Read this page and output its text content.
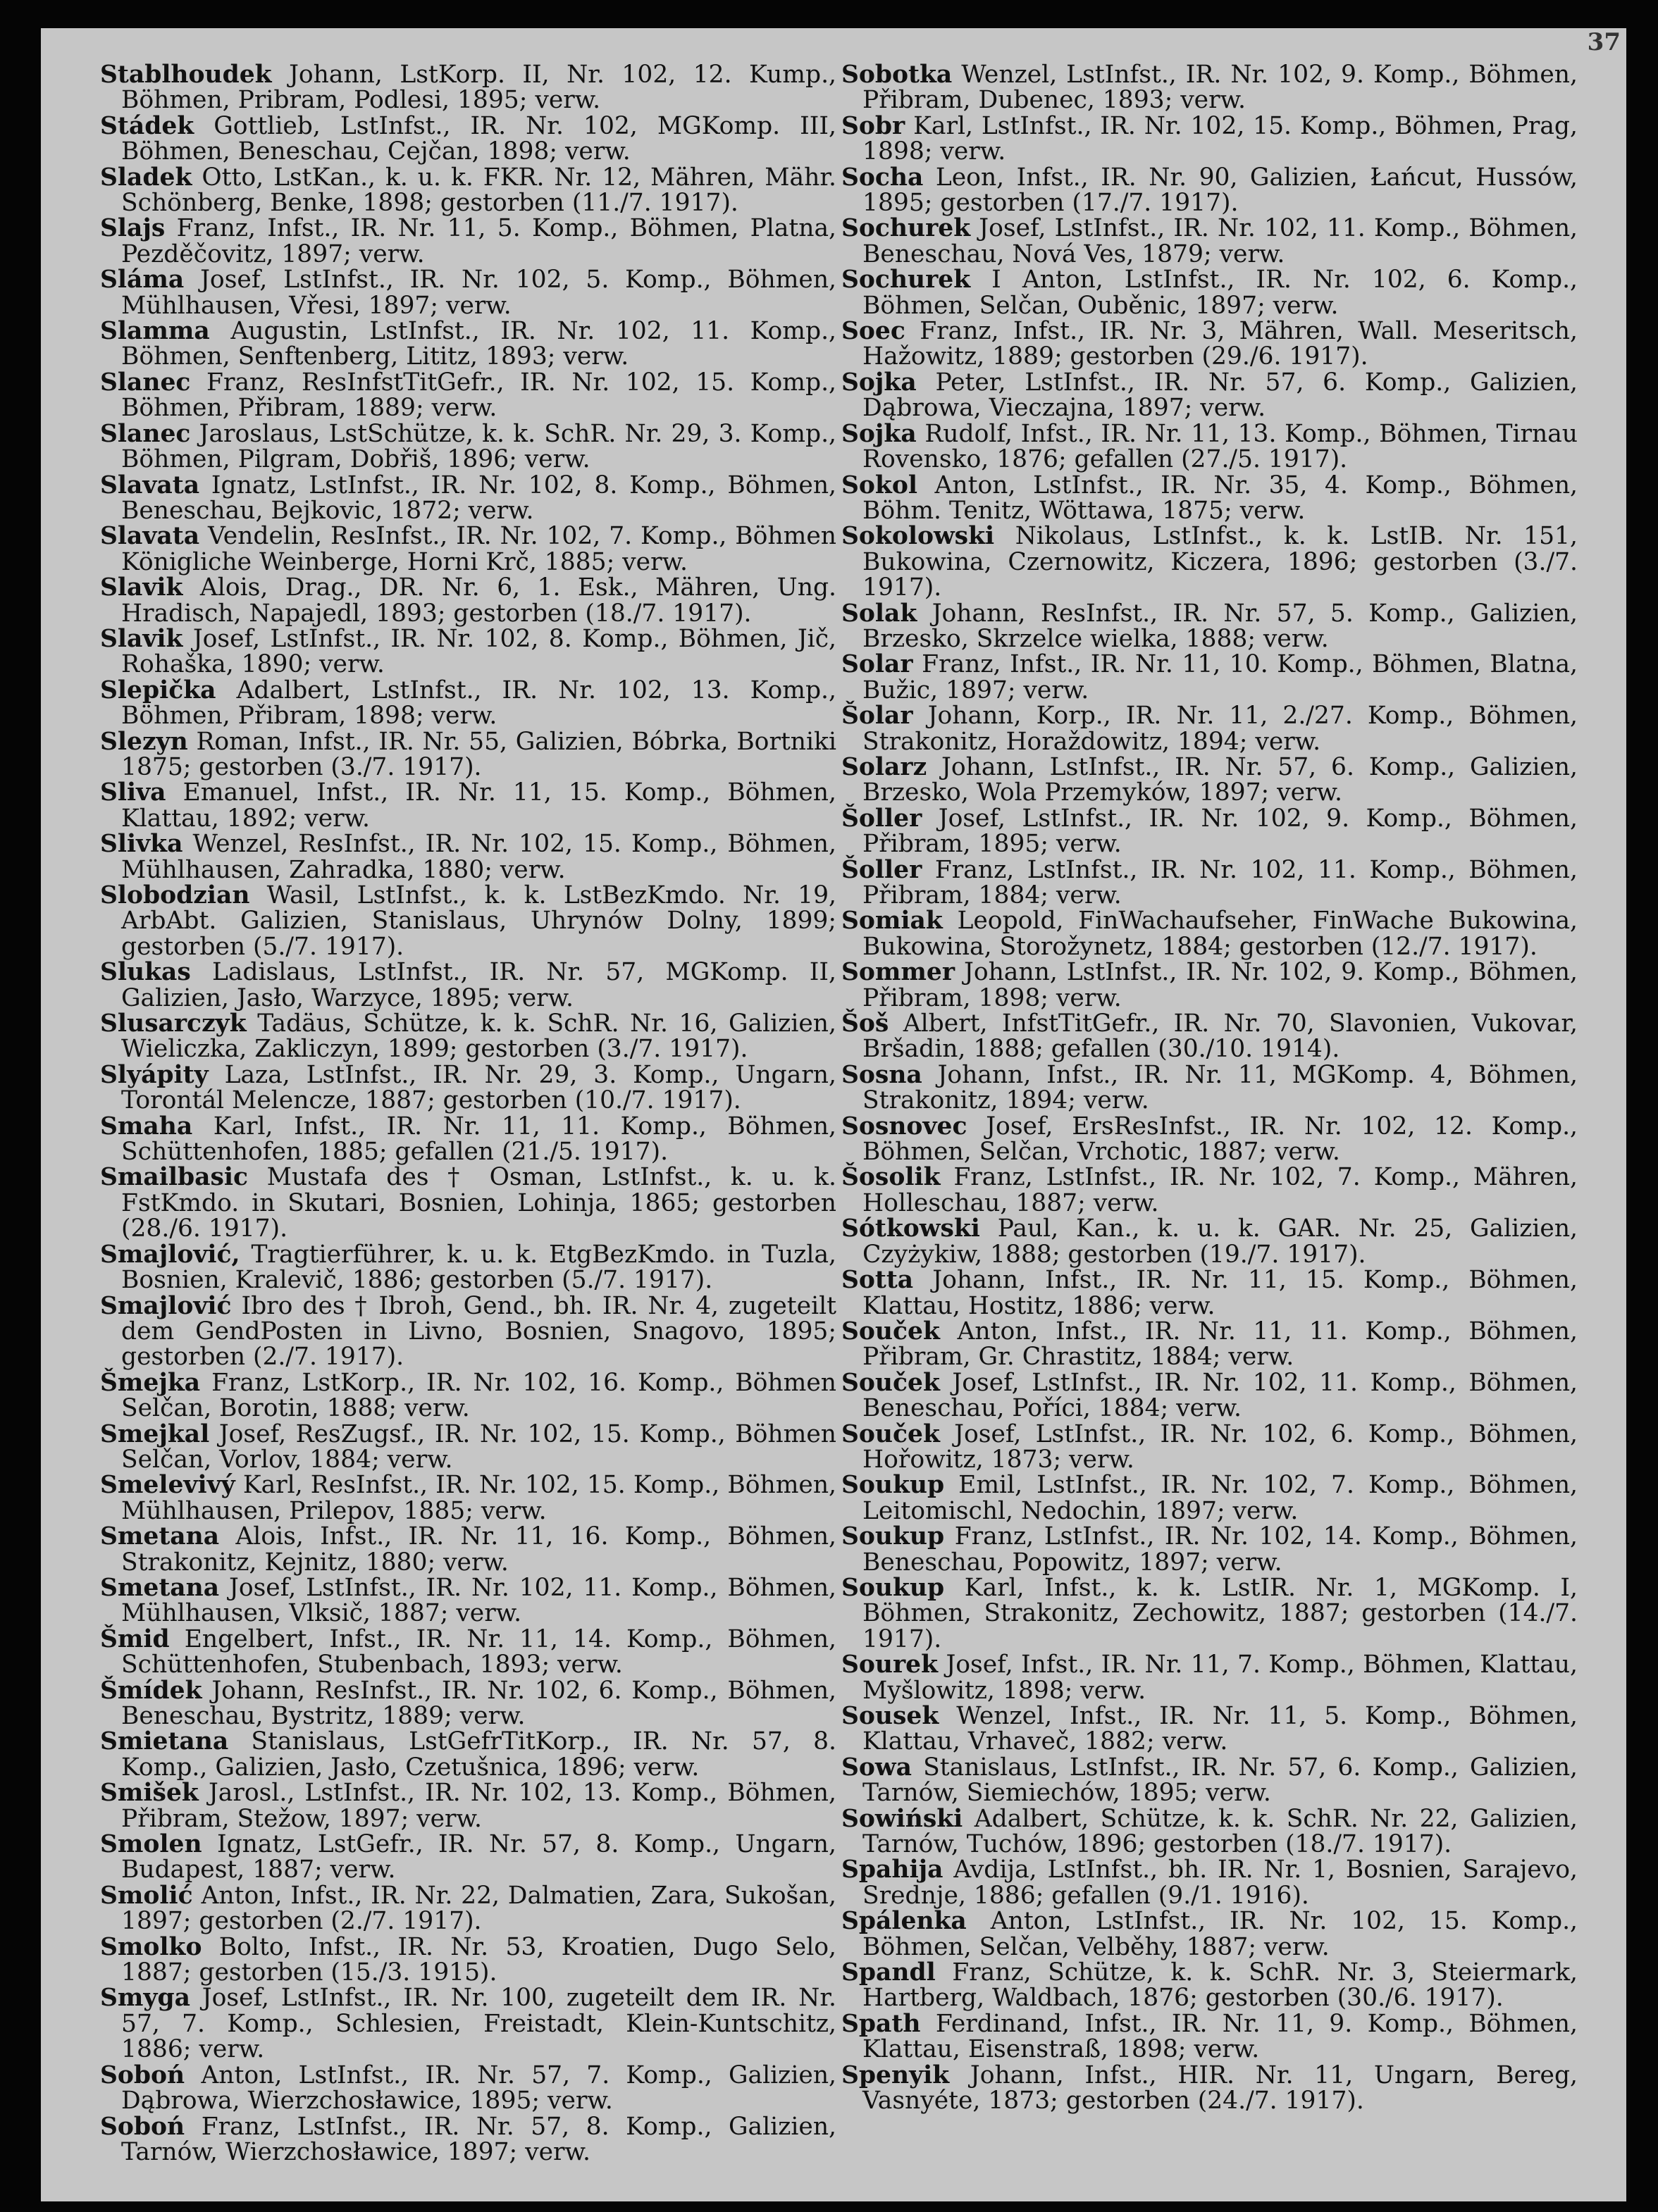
37

Stablhoudek Johann, LstKorp. II, Nr. 102, 12. Kump., Böhmen, Pribram, Podlesi, 1895; verw.

Stádek Gottlieb, LstInfst., IR. Nr. 102, MGKomp. III, Böhmen, Beneschau, Cejčan, 1898; verw.

Sladek Otto, LstKan., k. u. k. FKR. Nr. 12, Mähren, Mähr. Schönberg, Benke, 1898; gestorben (11./7. 1917).

Slajs Franz, Infst., IR. Nr. 11, 5. Komp., Böhmen, Platna, Pezděčovitz, 1897; verw.

Sláma Josef, LstInfst., IR. Nr. 102, 5. Komp., Böhmen, Mühlhausen, Vřesi, 1897; verw.

Slamma Augustin, LstInfst., IR. Nr. 102, 11. Komp., Böhmen, Senftenberg, Lititz, 1893; verw.

Slanec Franz, ResInfstTitGefr., IR. Nr. 102, 15. Komp., Böhmen, Přibram, 1889; verw.

Slanec Jaroslaus, LstSchütze, k. k. SchR. Nr. 29, 3. Komp., Böhmen, Pilgram, Dobřiš, 1896; verw.

Slavata Ignatz, LstInfst., IR. Nr. 102, 8. Komp., Böhmen, Beneschau, Bejkovic, 1872; verw.

Slavata Vendelin, ResInfst., IR. Nr. 102, 7. Komp., Böhmen Königliche Weinberge, Horni Krč, 1885; verw.

Slavik Alois, Drag., DR. Nr. 6, 1. Esk., Mähren, Ung. Hradisch, Napajedl, 1893; gestorben (18./7. 1917).

Slavik Josef, LstInfst., IR. Nr. 102, 8. Komp., Böhmen, Jič, Rohaška, 1890; verw.

Slepička Adalbert, LstInfst., IR. Nr. 102, 13. Komp., Böhmen, Přibram, 1898; verw.

Slezyn Roman, Infst., IR. Nr. 55, Galizien, Bóbrka, Bortniki 1875; gestorben (3./7. 1917).

Sliva Emanuel, Infst., IR. Nr. 11, 15. Komp., Böhmen, Klattau, 1892; verw.

Slivka Wenzel, ResInfst., IR. Nr. 102, 15. Komp., Böhmen, Mühlhausen, Zahradka, 1880; verw.

Slobodzian Wasil, LstInfst., k. k. LstBezKmdo. Nr. 19, ArbAbt. Galizien, Stanislaus, Uhrynów Dolny, 1899; gestorben (5./7. 1917).

Slukas Ladislaus, LstInfst., IR. Nr. 57, MGKomp. II, Galizien, Jasło, Warzyce, 1895; verw.

Slusarczyk Tadäus, Schütze, k. k. SchR. Nr. 16, Galizien, Wieliczka, Zakliczyn, 1899; gestorben (3./7. 1917).

Slyápity Laza, LstInfst., IR. Nr. 29, 3. Komp., Ungarn, Torontál Melencze, 1887; gestorben (10./7. 1917).

Smaha Karl, Infst., IR. Nr. 11, 11. Komp., Böhmen, Schüttenhofen, 1885; gefallen (21./5. 1917).

Smailbasic Mustafa des † Osman, LstInfst., k. u. k. FstKmdo. in Skutari, Bosnien, Lohinja, 1865; gestorben (28./6. 1917).

Smajlović, Tragtierführer, k. u. k. EtgBezKmdo. in Tuzla, Bosnien, Kralevič, 1886; gestorben (5./7. 1917).

Smajlović Ibro des † Ibroh, Gend., bh. IR. Nr. 4, zugeteilt dem GendPosten in Livno, Bosnien, Snagovo, 1895; gestorben (2./7. 1917).

Šmejka Franz, LstKorp., IR. Nr. 102, 16. Komp., Böhmen Selčan, Borotin, 1888; verw.

Smejkal Josef, ResZugsf., IR. Nr. 102, 15. Komp., Böhmen Selčan, Vorlov, 1884; verw.

Smelevivý Karl, ResInfst., IR. Nr. 102, 15. Komp., Böhmen, Mühlhausen, Prilepov, 1885; verw.

Smetana Alois, Infst., IR. Nr. 11, 16. Komp., Böhmen, Strakonitz, Kejnitz, 1880; verw.

Smetana Josef, LstInfst., IR. Nr. 102, 11. Komp., Böhmen, Mühlhausen, Vlksič, 1887; verw.

Šmid Engelbert, Infst., IR. Nr. 11, 14. Komp., Böhmen, Schüttenhofen, Stubenbach, 1893; verw.

Šmídek Johann, ResInfst., IR. Nr. 102, 6. Komp., Böhmen, Beneschau, Bystritz, 1889; verw.

Smietana Stanislaus, LstGefrTitKorp., IR. Nr. 57, 8. Komp., Galizien, Jasło, Czetušnica, 1896; verw.

Smišek Jarosl., LstInfst., IR. Nr. 102, 13. Komp., Böhmen, Přibram, Stežow, 1897; verw.

Smolen Ignatz, LstGefr., IR. Nr. 57, 8. Komp., Ungarn, Budapest, 1887; verw.

Smolić Anton, Infst., IR. Nr. 22, Dalmatien, Zara, Sukošan, 1897; gestorben (2./7. 1917).

Smolko Bolto, Infst., IR. Nr. 53, Kroatien, Dugo Selo, 1887; gestorben (15./3. 1915).

Smyga Josef, LstInfst., IR. Nr. 100, zugeteilt dem IR. Nr. 57, 7. Komp., Schlesien, Freistadt, Klein-Kuntschitz, 1886; verw.

Soboń Anton, LstInfst., IR. Nr. 57, 7. Komp., Galizien, Dąbrowa, Wierzchosławice, 1895; verw.

Soboń Franz, LstInfst., IR. Nr. 57, 8. Komp., Galizien, Tarnów, Wierzchosławice, 1897; verw.

Sobotka Wenzel, LstInfst., IR. Nr. 102, 9. Komp., Böhmen, Přibram, Dubenec, 1893; verw.

Sobr Karl, LstInfst., IR. Nr. 102, 15. Komp., Böhmen, Prag, 1898; verw.

Socha Leon, Infst., IR. Nr. 90, Galizien, Łańcut, Hussów, 1895; gestorben (17./7. 1917).

Sochurek Josef, LstInfst., IR. Nr. 102, 11. Komp., Böhmen, Beneschau, Nová Ves, 1879; verw.

Sochurek I Anton, LstInfst., IR. Nr. 102, 6. Komp., Böhmen, Selčan, Ouběnic, 1897; verw.

Soec Franz, Infst., IR. Nr. 3, Mähren, Wall. Meseritsch, Hažowitz, 1889; gestorben (29./6. 1917).

Sojka Peter, LstInfst., IR. Nr. 57, 6. Komp., Galizien, Dąbrowa, Vieczajna, 1897; verw.

Sojka Rudolf, Infst., IR. Nr. 11, 13. Komp., Böhmen, Tirnau Rovensko, 1876; gefallen (27./5. 1917).

Sokol Anton, LstInfst., IR. Nr. 35, 4. Komp., Böhmen, Böhm. Tenitz, Wöttawa, 1875; verw.

Sokolowski Nikolaus, LstInfst., k. k. LstIB. Nr. 151, Bukowina, Czernowitz, Kiczera, 1896; gestorben (3./7. 1917).

Solak Johann, ResInfst., IR. Nr. 57, 5. Komp., Galizien, Brzesko, Skrzelce wielka, 1888; verw.

Solar Franz, Infst., IR. Nr. 11, 10. Komp., Böhmen, Blatna, Bužic, 1897; verw.

Šolar Johann, Korp., IR. Nr. 11, 2./27. Komp., Böhmen, Strakonitz, Horaždowitz, 1894; verw.

Solarz Johann, LstInfst., IR. Nr. 57, 6. Komp., Galizien, Brzesko, Wola Przemyków, 1897; verw.

Šoller Josef, LstInfst., IR. Nr. 102, 9. Komp., Böhmen, Přibram, 1895; verw.

Šoller Franz, LstInfst., IR. Nr. 102, 11. Komp., Böhmen, Přibram, 1884; verw.

Somiak Leopold, FinWachaufseher, FinWache Bukowina, Bukowina, Storožynetz, 1884; gestorben (12./7. 1917).

Sommer Johann, LstInfst., IR. Nr. 102, 9. Komp., Böhmen, Přibram, 1898; verw.

Šoš Albert, InfstTitGefr., IR. Nr. 70, Slavonien, Vukovar, Bršadin, 1888; gefallen (30./10. 1914).

Sosna Johann, Infst., IR. Nr. 11, MGKomp. 4, Böhmen, Strakonitz, 1894; verw.

Sosnovec Josef, ErsResInfst., IR. Nr. 102, 12. Komp., Böhmen, Selčan, Vrchotic, 1887; verw.

Šosolik Franz, LstInfst., IR. Nr. 102, 7. Komp., Mähren, Holleschau, 1887; verw.

Sótkowski Paul, Kan., k. u. k. GAR. Nr. 25, Galizien, Czyżykiw, 1888; gestorben (19./7. 1917).

Sotta Johann, Infst., IR. Nr. 11, 15. Komp., Böhmen, Klattau, Hostitz, 1886; verw.

Souček Anton, Infst., IR. Nr. 11, 11. Komp., Böhmen, Přibram, Gr. Chrastitz, 1884; verw.

Souček Josef, LstInfst., IR. Nr. 102, 11. Komp., Böhmen, Beneschau, Poříci, 1884; verw.

Souček Josef, LstInfst., IR. Nr. 102, 6. Komp., Böhmen, Hořowitz, 1873; verw.

Soukup Emil, LstInfst., IR. Nr. 102, 7. Komp., Böhmen, Leitomischl, Nedochin, 1897; verw.

Soukup Franz, LstInfst., IR. Nr. 102, 14. Komp., Böhmen, Beneschau, Popowitz, 1897; verw.

Soukup Karl, Infst., k. k. LstIR. Nr. 1, MGKomp. I, Böhmen, Strakonitz, Zechowitz, 1887; gestorben (14./7. 1917).

Sourek Josef, Infst., IR. Nr. 11, 7. Komp., Böhmen, Klattau, Myšlowitz, 1898; verw.

Sousek Wenzel, Infst., IR. Nr. 11, 5. Komp., Böhmen, Klattau, Vrhaveč, 1882; verw.

Sowa Stanislaus, LstInfst., IR. Nr. 57, 6. Komp., Galizien, Tarnów, Siemiechów, 1895; verw.

Sowiński Adalbert, Schütze, k. k. SchR. Nr. 22, Galizien, Tarnów, Tuchów, 1896; gestorben (18./7. 1917).

Spahija Avdija, LstInfst., bh. IR. Nr. 1, Bosnien, Sarajevo, Srednje, 1886; gefallen (9./1. 1916).

Spálenka Anton, LstInfst., IR. Nr. 102, 15. Komp., Böhmen, Selčan, Velběhy, 1887; verw.

Spandl Franz, Schütze, k. k. SchR. Nr. 3, Steiermark, Hartberg, Waldbach, 1876; gestorben (30./6. 1917).

Spath Ferdinand, Infst., IR. Nr. 11, 9. Komp., Böhmen, Klattau, Eisenstraß, 1898; verw.

Spenyik Johann, Infst., HIR. Nr. 11, Ungarn, Bereg, Vasnyéte, 1873; gestorben (24./7. 1917).
